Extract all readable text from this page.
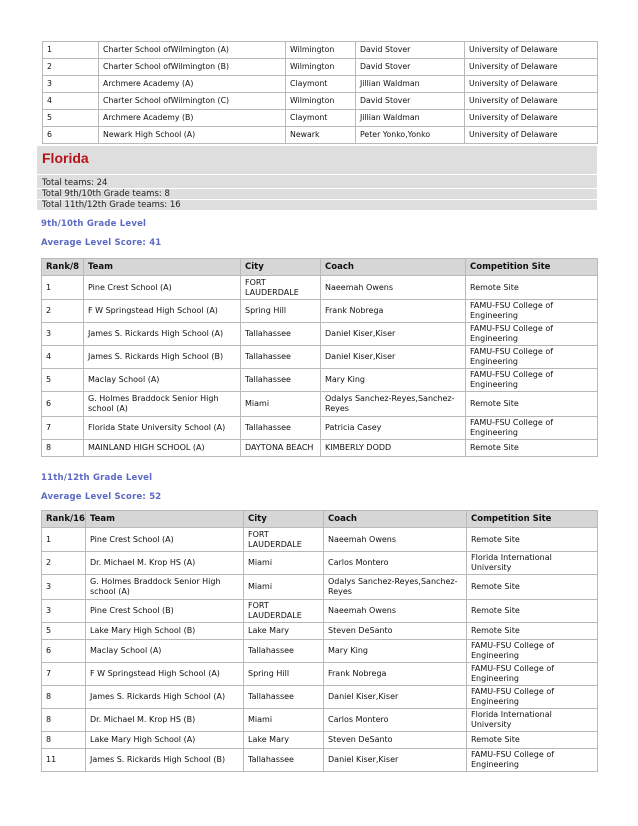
1	Charter School ofWilmington (A)	Wilmington	David Stover	University of Delaware
2	Charter School ofWilmington (B)	Wilmington	David Stover	University of Delaware
3	Archmere Academy (A)	Claymont	Jillian Waldman	University of Delaware
4	Charter School ofWilmington (C)	Wilmington	David Stover	University of Delaware
5	Archmere Academy (B)	Claymont	Jillian Waldman	University of Delaware
6	Newark High School (A)	Newark	Peter Yonko,Yonko	University of Delaware
Florida
Total teams: 24
Total 9th/10th Grade teams: 8
Total 11th/12th Grade teams: 16
9th/10th Grade Level
Average Level Score: 41
Rank/8	Team	City	Coach	Competition Site
1	Pine Crest School (A)	FORT LAUDERDALE	Naeemah Owens	Remote Site
2	F W Springstead High School (A)	Spring Hill	Frank Nobrega	FAMU-FSU College of Engineering
3	James S. Rickards High School (A)	Tallahassee	Daniel Kiser,Kiser	FAMU-FSU College of Engineering
4	James S. Rickards High School (B)	Tallahassee	Daniel Kiser,Kiser	FAMU-FSU College of Engineering
5	Maclay School (A)	Tallahassee	Mary King	FAMU-FSU College of Engineering
6	G. Holmes Braddock Senior High school (A)	Miami	Odalys Sanchez-Reyes,Sanchez-Reyes	Remote Site
7	Florida State University School (A)	Tallahassee	Patricia Casey	FAMU-FSU College of Engineering
8	MAINLAND HIGH SCHOOL (A)	DAYTONA BEACH	KIMBERLY DODD	Remote Site
11th/12th Grade Level
Average Level Score: 52
Rank/16	Team	City	Coach	Competition Site
1	Pine Crest School (A)	FORT LAUDERDALE	Naeemah Owens	Remote Site
2	Dr. Michael M. Krop HS (A)	Miami	Carlos Montero	Florida International University
3	G. Holmes Braddock Senior High school (A)	Miami	Odalys Sanchez-Reyes,Sanchez-Reyes	Remote Site
3	Pine Crest School (B)	FORT LAUDERDALE	Naeemah Owens	Remote Site
5	Lake Mary High School (B)	Lake Mary	Steven DeSanto	Remote Site
6	Maclay School (A)	Tallahassee	Mary King	FAMU-FSU College of Engineering
7	F W Springstead High School (A)	Spring Hill	Frank Nobrega	FAMU-FSU College of Engineering
8	James S. Rickards High School (A)	Tallahassee	Daniel Kiser,Kiser	FAMU-FSU College of Engineering
8	Dr. Michael M. Krop HS (B)	Miami	Carlos Montero	Florida International University
8	Lake Mary High School (A)	Lake Mary	Steven DeSanto	Remote Site
11	James S. Rickards High School (B)	Tallahassee	Daniel Kiser,Kiser	FAMU-FSU College of Engineering
